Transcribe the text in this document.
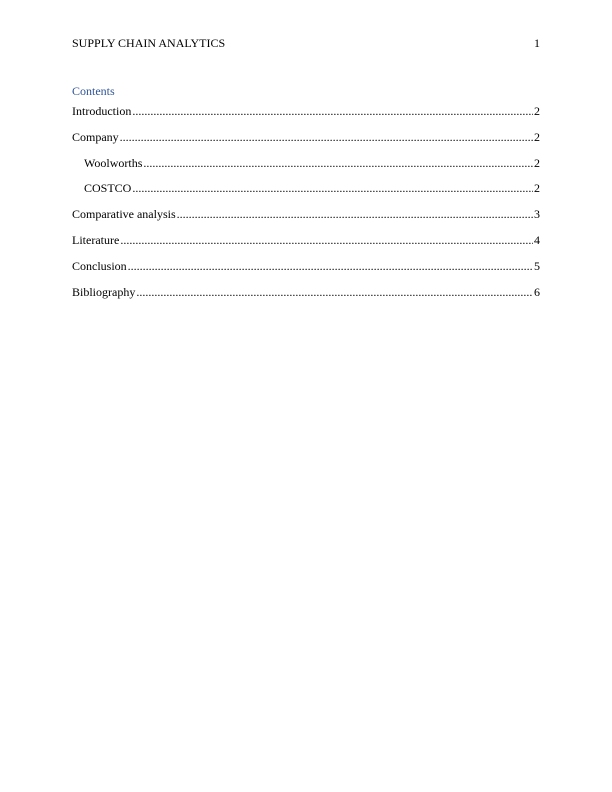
SUPPLY CHAIN ANALYTICS	1
Contents
Introduction .....	2
Company .....	2
Woolworths .....	2
COSTCO .....	2
Comparative analysis .....	3
Literature .....	4
Conclusion .....	5
Bibliography .....	6
